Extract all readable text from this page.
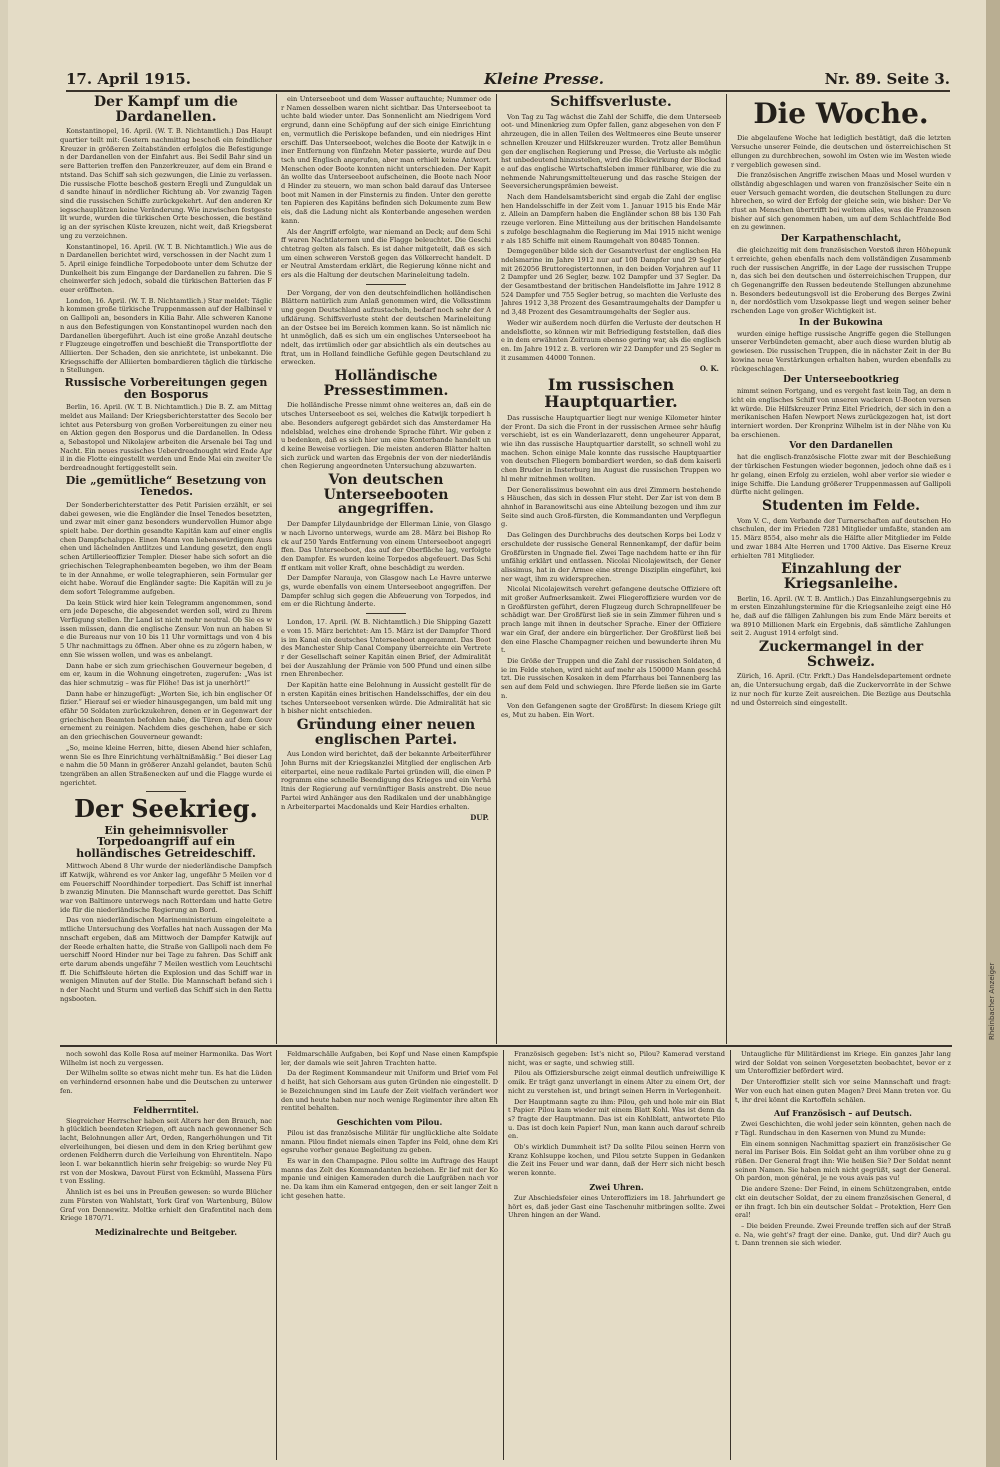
17. April 1915.	Kleine Presse.	Nr. 89. Seite 3.
Der Kampf um die Dardanellen.

Konstantinopel, 16. April. (W. T. B. Nichtamtlich.) Das Hauptquartier teilt mit: Gestern nachmittag beschoß ein feindlicher Kreuzer in größeren Zeitabständen erfolglos die Befestigungen der Dardanellen von der Einfahrt aus. Bei Sedil Bahr sind unsere Batterien treffen den Panzerkreuzer, auf dem ein Brand entstand. Das Schiff sah sich gezwungen, die Linie zu verlassen. Die russische Flotte beschoß gestern Eregli und Zunguldak und sandte hinauf in nördlicher Richtung ab. Vor zwanzig Tagen sind die russischen Schiffe zurückgekehrt. Auf den anderen Kriegsschauplätzen keine Veränderung. Wie inzwischen festgestellt wurde, wurden die türkischen Orte beschossen, die beständig an der syrischen Küste kreuzen, nicht weit, daß Kriegsberatung zu verzeichnen.

Konstantinopel, 16. April. (W. T. B. Nichtamtlich.) Wie aus den Dardanellen berichtet wird, verschossen in der Nacht zum 15. April einige feindliche Torpedoboote unter dem Schutze der Dunkelheit bis zum Eingange der Dardanellen zu fahren. Die Scheinwerfer sich jedoch, sobald die türkischen Batterien das Feuer eröffneten.

London, 16. April. (W. T. B. Nichtamtlich.) Star meldet: Täglich kommen große türkische Truppenmassen auf der Halbinsel von Gallipoli an, besonders in Kilia Bahr. Alle schweren Kanonen aus den Befestigungen von Konstantinopel wurden nach den Dardanellen übergeführt. Auch ist eine große Anzahl deutscher Flugzeuge eingetroffen und beschießt die Transportflotte der Alliierten. Der Schaden, den sie anrichtete, ist unbekannt. Die Kriegsschiffe der Alliierten bombardieren täglich die türkischen Stellungen.

Russische Vorbereitungen gegen den Bosporus

Berlin, 16. April. (W. T. B. Nichtamtlich.) Die B. Z. am Mittag meldet aus Mailand: Der Kriegsberichterstatter des Secolo berichtet aus Petersburg von großen Vorbereitungen zu einer neuen Aktion gegen den Bosporus und die Dardanellen. In Odessa, Sebastopol und Nikolajew arbeiten die Arsenale bei Tag und Nacht. Ein neues russisches Ueberdreadnought wird Ende April in die Flotte eingestellt werden und Ende Mai ein zweiter Ueberdreadnought fertiggestellt sein.

Die „gemütliche“ Besetzung von Tenedos.

Der Sonderberichterstatter des Petit Parisien erzählt, er sei dabei gewesen, wie die Engländer die Insel Tenedos besetzten, und zwar mit einer ganz besonders wundervollen Humor abgespielt habe. Der dorthin gesandte Kapitän kam auf einer englischen Dampfschaluppe. Einen Mann von liebenswürdigem Aussehen und lächelnden Antlitzes und Landung gesetzt, den englischen Artillerieoffizier Templer. Dieser habe sich sofort an die griechischen Telegraphenbeamten begeben, wo ihm der Beamte in der Annahme, er wolle telegraphieren, sein Formular gereicht habe. Worauf die Engländer sagte: Die Kapitän will zu jedem sofort Telegramme aufgeben.

Da kein Stück wird hier kein Telegramm angenommen, sondern jede Depesche, die abgesendet werden soll, wird zu Ihrem Verfügung stellen. Ihr Land ist nicht mehr neutral. Ob Sie es wissen müssen, dann die englische Zensur. Von nun an haben Sie die Bureaus nur von 10 bis 11 Uhr vormittags und von 4 bis 5 Uhr nachmittags zu öffnen. Aber ohne es zu zögern haben, wenn Sie wissen wollen, und was es anbelangt.

Dann habe er sich zum griechischen Gouverneur begeben, dem er, kaum in die Wohnung eingetreten, zugerufen: „Was ist das hier schmutzig – was für Flöhe! Das ist ja unerhört!“

Dann habe er hinzugefügt: „Worten Sie, ich bin englischer Offizier.“ Hierauf sei er wieder hinausgegangen, um bald mit ungefähr 50 Soldaten zurückzukehren, denen er in Gegenwart der griechischen Beamten befohlen habe, die Türen auf dem Gouvernement zu reinigen. Nachdem dies geschehen, habe er sich an den griechischen Gouverneur gewandt:

„So, meine kleine Herren, bitte, diesen Abend hier schlafen, wenn Sie es Ihre Einrichtung verhältnißmäßig.“ Bei dieser Lage nahm die 50 Mann in größerer Anzahl gelandet, bauten Schützengräben an allen Straßenecken auf und die Flagge wurde eingerichtet.

Der Seekrieg.
Ein geheimnisvoller Torpedoangriff auf ein holländisches Getreideschiff.

Mittwoch Abend 8 Uhr wurde der niederländische Dampfschiff Katwijk, während es vor Anker lag, ungefähr 5 Meilen vor dem Feuerschiff Noordhinder torpediert. Das Schiff ist innerhalb zwanzig Minuten. Die Mannschaft wurde gerettet. Das Schiff war von Baltimore unterwegs nach Rotterdam und hatte Getreide für die niederländische Regierung an Bord.

Das von niederländischen Marineministerium eingeleitete amtliche Untersuchung des Vorfalles hat nach Aussagen der Mannschaft ergeben, daß am Mittwoch der Dampfer Katwijk auf der Reede erhalten hatte, die Straße von Gallipoli nach dem Feuerschiff Noord Hinder nur bei Tage zu fahren. Das Schiff ankerte darum abends ungefähr 7 Meilen westlich vom Leuchtschiff. Die Schiffsleute hörten die Explosion und das Schiff war in wenigen Minuten auf der Stelle. Die Mannschaft befand sich in der Nacht und Sturm und verließ das Schiff sich in den Rettungsbooten.

ein Unterseeboot und dem Wasser auftauchte; Nummer oder Namen desselben waren nicht sichtbar. Das Unterseeboot tauchte bald wieder unter. Das Sonnenlicht am Niedrigem Vordergrund, dann eine Schöpfung auf der sich einige Einrichtungen, vermutlich die Periskope befanden, und ein niedriges Hinterschiff. Das Unterseeboot, welches die Boote der Katwijk in einer Entfernung von fünfzehn Meter passierte, wurde auf Deutsch und Englisch angerufen, aber man erhielt keine Antwort. Menschen oder Boote konnten nicht unterschieden. Der Kapitän wollte das Unterseeboot aufscheinen, die Boote nach Noord Hinder zu steuern, wo man schon bald darauf das Unterseeboot mit Namen in der Finsternis zu finden. Unter den geretteten Papieren des Kapitäns befinden sich Dokumente zum Beweis, daß die Ladung nicht als Konterbande angesehen werden kann.

Als der Angriff erfolgte, war niemand an Deck; auf dem Schiff waren Nachtlaternen und die Flagge beleuchtet. Die Geschichtetrag gelten als falsch. Es ist daher mitgeteilt, daß es sich um einen schweren Verstoß gegen das Völkerrecht handelt. Der Neutral Amsterdam erklärt, die Regierung könne nicht anders als die Haltung der deutschen Marineleitung tadeln.

Der Vorgang, der von den deutschfeindlichen holländischen Blättern natürlich zum Anlaß genommen wird, die Volksstimmung gegen Deutschland aufzustacheln, bedarf noch sehr der Aufklärung. Schiffsverluste steht der deutschen Marineleitung an der Ostsee bei im Bereich kommen kann. So ist nämlich nicht unmöglich, daß es sich um ein englisches Unterseeboot handelt, das irrtümlich oder gar absichtlich als ein deutsches auftrat, um in Holland feindliche Gefühle gegen Deutschland zu erwecken.

Holländische Pressestimmen.

Die holländische Presse nimmt ohne weiteres an, daß ein deutsches Unterseeboot es sei, welches die Katwijk torpediert habe. Besonders aufgeregt gebärdet sich das Amsterdamer Handelsblad, welches eine drohende Sprache führt. Wir geben zu bedenken, daß es sich hier um eine Konterbande handelt und keine Beweise vorliegen. Die meisten anderen Blätter halten sich zurück und warten das Ergebnis der von der niederländischen Regierung angeordneten Untersuchung abzuwarten.

Von deutschen Unterseebooten angegriffen.

Der Dampfer Lilydaunbridge der Ellerman Linie, von Glasgow nach Livorno unterwegs, wurde am 28. März bei Bishop Rock auf 250 Yards Entfernung von einem Unterseeboot angegriffen. Das Unterseeboot, das auf der Oberfläche lag, verfolgte den Dampfer. Es wurden keine Torpedos abgefeuert. Das Schiff entkam mit voller Kraft, ohne beschädigt zu werden.

Der Dampfer Narauja, von Glasgow nach Le Havre unterwegs, wurde ebenfalls von einem Unterseeboot angegriffen. Der Dampfer schlug sich gegen die Abfeuerung von Torpedos, indem er die Richtung änderte.

London, 17. April. (W. B. Nichtamtlich.) Die Shipping Gazette vom 15. März berichtet: Am 15. März ist der Dampfer Thordis im Kanal ein deutsches Unterseeboot angerammt. Das Boot des Manchester Ship Canal Company überreichte ein Vertreter der Gesellschaft seiner Kapitän einen Brief, der Admiralität bei der Auszahlung der Prämie von 500 Pfund und einen silbernen Ehrenbecher.

Der Kapitän hatte eine Belohnung in Aussicht gestellt für den ersten Kapitän eines britischen Handelsschiffes, der ein deutsches Unterseeboot versenken würde. Die Admiralität hat sich bisher nicht entschieden.

Gründung einer neuen englischen Partei.

Aus London wird berichtet, daß der bekannte Arbeiterführer John Burns mit der Kriegskanzlei Mitglied der englischen Arbeiterpartei, eine neue radikale Partei gründen will, die einen Programm eine schnelle Beendigung des Krieges und ein Verhältnis der Regierung auf vernünftiger Basis anstrebt. Die neue Partei wird Anhänger aus den Radikalen und der unabhängigen Arbeiterpartei Macdonalds und Keir Hardies erhalten.

DUP.
Schiffsverluste.

Von Tag zu Tag wächst die Zahl der Schiffe, die dem Unterseeboot- und Minenkrieg zum Opfer fallen, ganz abgesehen von den Fahrzeugen, die in allen Teilen des Weltmeeres eine Beute unserer schnellen Kreuzer und Hilfskreuzer wurden. Trotz aller Bemühungen der englischen Regierung und Presse, die Verluste als möglichst unbedeutend hinzustellen, wird die Rückwirkung der Blockade auf das englische Wirtschaftsleben immer fühlbarer, wie die zunehmende Nahrungsmittelteuerung und das rasche Steigen der Seeversicherungsprämien beweist.

Nach dem Handelsamtsbericht sind ergab die Zahl der englischen Handelsschiffe in der Zeit vom 1. Januar 1915 bis Ende März. Allein an Dampfern haben die Engländer schon 88 bis 130 Fahrzeuge verloren. Eine Mitteilung aus der britischen Handelsamtes zufolge beschlagnahm die Regierung im Mai 1915 nicht weniger als 185 Schiffe mit einem Raumgehalt von 80485 Tonnen.

Demgegenüber bilde sich der Gesamtverlust der englischen Handelsmarine im Jahre 1912 nur auf 108 Dampfer und 29 Segler mit 262056 Bruttoregistertonnen, in den beiden Vorjahren auf 112 Dampfer und 26 Segler, bezw. 102 Dampfer und 37 Segler. Da der Gesamtbestand der britischen Handelsflotte im Jahre 1912 8524 Dampfer und 755 Segler betrug, so machten die Verluste des Jahres 1912 3,38 Prozent des Gesamtraumgehalts der Dampfer und 3,48 Prozent des Gesamtraumgehalts der Segler aus.

Weder wir außerdem noch dürfen die Verluste der deutschen Handelsflotte, so können wir mit Befriedigung feststellen, daß diese in dem erwähnten Zeitraum ebenso gering war, als die englischen. Im Jahre 1912 z. B. verloren wir 22 Dampfer und 25 Segler mit zusammen 44000 Tonnen.

O. K.
Im russischen Hauptquartier.

Das russische Hauptquartier liegt nur wenige Kilometer hinter der Front. Da sich die Front in der russischen Armee sehr häufig verschiebt, ist es ein Wanderlazarett, denn ungeheurer Apparat, wie ihn das russische Hauptquartier darstellt, so schnell wohl zu machen. Schon einige Male konnte das russische Hauptquartier von deutschen Fliegern bombardiert werden, so daß dem kaiserlichen Bruder in Insterburg im August die russischen Truppen wohl mehr mitnehmen wollten.

Der Generalissimus bewohnt ein aus drei Zimmern bestehendes Häuschen, das sich in dessen Flur steht. Der Zar ist von dem Bahnhof in Baranowitschi aus eine Abteilung bezogen und ihm zur Seite sind auch Groß-fürsten, die Kommandanten und Verpflegung.

Das Gelingen des Durchbruchs des deutschen Korps bei Lodz verschuldete der russische General Rennenkampf, der dafür beim Großfürsten in Ungnade fiel. Zwei Tage nachdem hatte er ihn für unfähig erklärt und entlassen. Nicolai Nicolajewitsch, der Generalissimus, hat in der Armee eine strenge Disziplin eingeführt, keiner wagt, ihm zu widersprechen.

Nicolai Nicolajewitsch verehrt gefangene deutsche Offiziere oft mit großer Aufmerksamkeit. Zwei Fliegeroffiziere wurden vor den Großfürsten geführt, deren Flugzeug durch Schrapnellfeuer beschädigt war. Der Großfürst ließ sie in sein Zimmer führen und sprach lange mit ihnen in deutscher Sprache. Einer der Offiziere war ein Graf, der andere ein bürgerlicher. Der Großfürst ließ beiden eine Flasche Champagner reichen und bewunderte ihren Mut.

Die Größe der Truppen und die Zahl der russischen Soldaten, die im Felde stehen, wird nicht auf mehr als 150000 Mann geschätzt. Die russischen Kosaken in dem Pfarrhaus bei Tannenberg lassen auf dem Feld und schwiegen. Ihre Pferde ließen sie im Garten.

Von den Gefangenen sagte der Großfürst: In diesem Kriege gilt es, Mut zu haben. Ein Wort.

Die Woche.

Die abgelaufene Woche hat lediglich bestätigt, daß die letzten Versuche unserer Feinde, die deutschen und österreichischen Stellungen zu durchbrechen, sowohl im Osten wie im Westen wieder vergeblich gewesen sind.

Die französischen Angriffe zwischen Maas und Mosel wurden vollständig abgeschlagen und waren von französischer Seite ein neuer Versuch gemacht worden, die deutschen Stellungen zu durchbrechen, so wird der Erfolg der gleiche sein, wie bisher: Der Verlust an Menschen übertrifft bei weitem alles, was die Franzosen bisher auf sich genommen haben, um auf dem Schlachtfelde Boden zu gewinnen.

Der Karpathenschlacht,

die gleichzeitig mit dem französischen Vorstoß ihren Höhepunkt erreichte, gehen ebenfalls nach dem vollständigen Zusammenbruch der russischen Angriffe, in der Lage der russischen Truppen, das sich bei den deutschen und österreichischen Truppen, durch Gegenangriffe den Russen bedeutende Stellungen abzunehmen. Besonders bedeutungsvoll ist die Eroberung des Berges Zwinin, der nordöstlich vom Uzsokpasse liegt und wegen seiner beherrschenden Lage von großer Wichtigkeit ist.

In der Bukowina

wurden einige heftige russische Angriffe gegen die Stellungen unserer Verbündeten gemacht, aber auch diese wurden blutig abgewiesen. Die russischen Truppen, die in nächster Zeit in der Bukowina neue Verstärkungen erhalten haben, wurden ebenfalls zurückgeschlagen.

Der Unterseebootkrieg

nimmt seinen Fortgang, und es vergeht fast kein Tag, an dem nicht ein englisches Schiff von unseren wackeren U-Booten versenkt würde. Die Hilfskreuzer Prinz Eitel Friedrich, der sich in den amerikanischen Hafen Newport News zurückgezogen hat, ist dort interniert worden. Der Kronprinz Wilhelm ist in der Nähe von Kuba erschienen.

Vor den Dardanellen

hat die englisch-französische Flotte zwar mit der Beschießung der türkischen Festungen wieder begonnen, jedoch ohne daß es ihr gelang, einen Erfolg zu erzielen, wohl aber verlor sie wieder einige Schiffe. Die Landung größerer Truppenmassen auf Gallipoli dürfte nicht gelingen.

Studenten im Felde.

Vom V. C., dem Verbande der Turnerschaften auf deutschen Hochschulen, der im Frieden 7281 Mitglieder umfaßte, standen am 15. März 8554, also mehr als die Hälfte aller Mitglieder im Felde und zwar 1884 Alte Herren und 1700 Aktive. Das Eiserne Kreuz erhielten 781 Mitglieder.

Einzahlung der Kriegsanleihe.

Berlin, 16. April. (W. T. B. Amtlich.) Das Einzahlungsergebnis zum ersten Einzahlungstermine für die Kriegsanleihe zeigt eine Höhe, daß auf die fälligen Zahlungen bis zum Ende März bereits etwa 8910 Millionen Mark ein Ergebnis, daß sämtliche Zahlungen seit 2. August 1914 erfolgt sind.

Zuckermangel in der Schweiz.

Zürich, 16. April. (Ctr. Frkft.) Das Handelsdepartement ordnete an, die Untersuchung ergab, daß die Zuckervorräte in der Schweiz nur noch für kurze Zeit ausreichen. Die Bezüge aus Deutschland und Österreich sind eingestellt.

noch sowohl das Kolle Rosa auf meiner Harmonika. Das Wort Wilhelm ist noch zu vergessen.

Der Wilhelm sollte so etwas nicht mehr tun. Es hat die Lüdenen verhindernd ersonnen habe und die Deutschen zu unterwerfen.

Feldherrntitel.

Siegreicher Herrscher haben seit Alters her den Brauch, nach glücklich beendeten Kriegen, oft auch nach gewonnener Schlacht, Belohnungen aller Art, Orden, Rangerhöhungen und Titelverleihungen, bei diesen und dem in den Krieg berühmt gewordenen Feldherrn durch die Verleihung von Ehrentiteln. Napoleon I. war bekanntlich hierin sehr freigebig: so wurde Ney Fürst von der Moskwa, Davout Fürst von Eckmühl, Massena Fürst von Essling.

Ähnlich ist es bei uns in Preußen gewesen: so wurde Blücher zum Fürsten von Wahlstatt, York Graf von Wartenburg, Bülow Graf von Dennewitz. Moltke erhielt den Grafentitel nach dem Kriege 1870/71.

Medizinalrechte und Beitgeber.

Feldmarschälle Aufgaben, bei Kopf und Nase einen Kampfspieler, der damals wie seit Jahren Trachten hatte.

Da der Regiment Kommandeur mit Uniform und Brief vom Feld heißt, hat sich Gehorsam aus guten Gründen nie eingestellt. Die Bezeichnungen sind im Laufe der Zeit vielfach verändert worden und heute haben nur noch wenige Regimenter ihre alten Ehrentitel behalten.

Geschichten vom Pilou.

Pilou ist das französische Militär für unglückliche alte Soldatenmann. Pilou findet niemals einen Tapfer ins Feld, ohne dem Kriegsruhe vorher genaue Begleitung zu geben.

Es war in den Champagne. Pilou sollte im Auftrage des Hauptmanns das Zelt des Kommandanten beziehen. Er lief mit der Kompanie und einigen Kameraden durch die Laufgräben nach vorne. Da kam ihm ein Kamerad entgegen, den er seit langer Zeit nicht gesehen hatte.

Französisch gegeben: Ist's nicht so, Pilou? Kamerad verstand nicht, was er sagte, und schwieg still.

Pilou als Offiziersbursche zeigt einmal deutlich unfreiwillige Komik. Er trägt ganz unverlangt in einem Alter zu einem Ort, der nicht zu verstehen ist, und bringt seinen Herrn in Verlegenheit.

Der Hauptmann sagte zu ihm: Pilou, geh und hole mir ein Blatt Papier. Pilou kam wieder mit einem Blatt Kohl. Was ist denn das? fragte der Hauptmann. Das ist ein Kohlblatt, antwortete Pilou. Das ist doch kein Papier! Nun, man kann auch darauf schreiben.

Ob's wirklich Dummheit ist? Da sollte Pilou seinen Herrn von Kranz Kohlsuppe kochen, und Pilou setzte Suppen in Gedanken die Zeit ins Feuer und war dann, daß der Herr sich nicht beschweren konnte.

Zwei Uhren.

Zur Abschiedsfeier eines Unteroffiziers im 18. Jahrhundert gehört es, daß jeder Gast eine Taschenuhr mitbringen sollte. Zwei Uhren hingen an der Wand.

Untaugliche für Militärdienst im Kriege. Ein ganzes Jahr lang wird der Soldat von seinen Vorgesetzten beobachtet, bevor er zum Unteroffizier befördert wird.

Der Unteroffizier stellt sich vor seine Mannschaft und fragt: Wer von euch hat einen guten Magen? Drei Mann treten vor. Gut, ihr drei könnt die Kartoffeln schälen.

Auf Französisch – auf Deutsch.

Zwei Geschichten, die wohl jeder sein könnten, gehen nach der Tägl. Rundschau in den Kasernen von Mund zu Munde:

Ein einem sonnigen Nachmittag spaziert ein französischer General im Pariser Bois. Ein Soldat geht an ihm vorüber ohne zu grüßen. Der General fragt ihn: Wie heißen Sie? Der Soldat nennt seinen Namen. Sie haben mich nicht gegrüßt, sagt der General. Oh pardon, mon général, je ne vous avais pas vu!

Die andere Szene: Der Feind, in einem Schützengraben, entdeckt ein deutscher Soldat, der zu einem französischen General, der ihn fragt. Ich bin ein deutscher Soldat – Protektion, Herr General!

– Die beiden Freunde. Zwei Freunde treffen sich auf der Straße. Na, wie geht's? fragt der eine. Danke, gut. Und dir? Auch gut. Dann trennen sie sich wieder.

Rheinbacher Anzeiger
